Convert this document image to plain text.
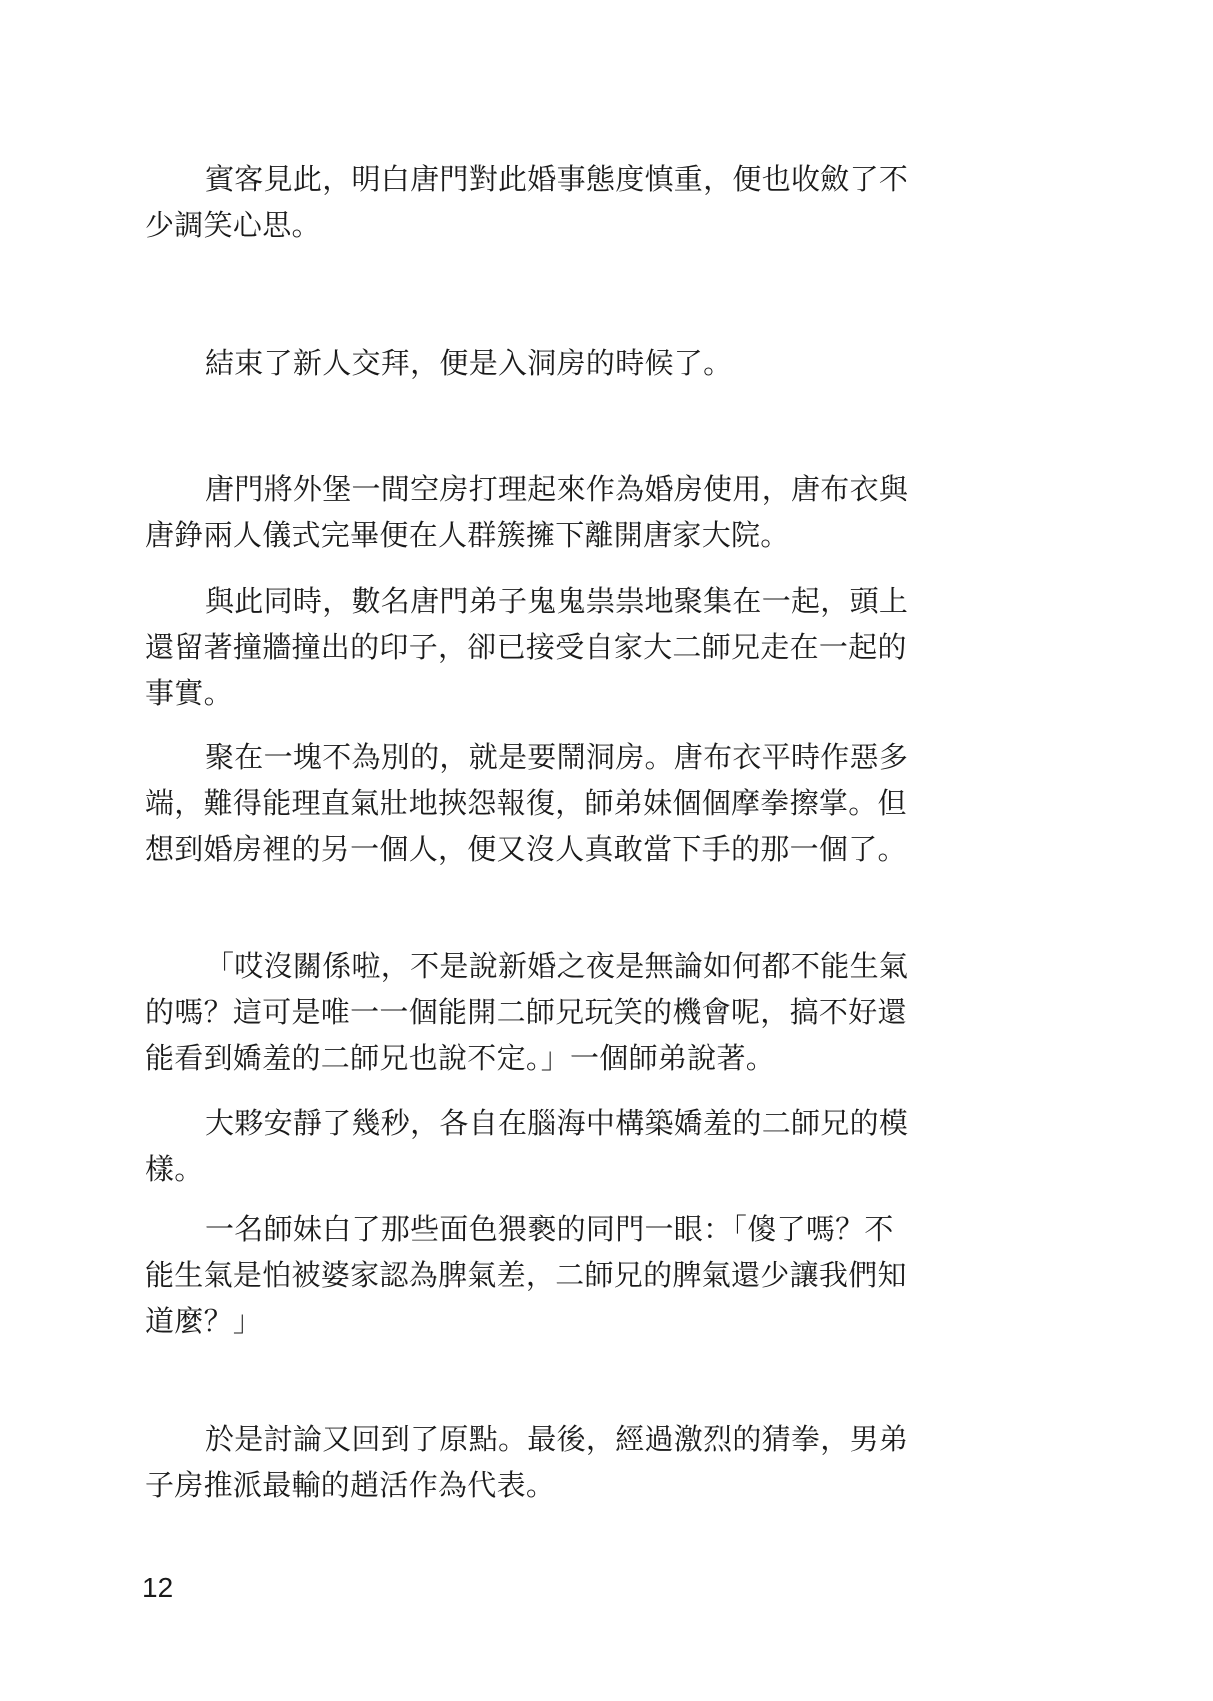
賓客見此，明白唐門對此婚事態度慎重，便也收斂了不
少調笑心思。

結束了新人交拜，便是入洞房的時候了。

唐門將外堡一間空房打理起來作為婚房使用，唐布衣與
唐錚兩人儀式完畢便在人群簇擁下離開唐家大院。

與此同時，數名唐門弟子鬼鬼祟祟地聚集在一起，頭上
還留著撞牆撞出的印子，卻已接受自家大二師兄走在一起的
事實。

聚在一塊不為別的，就是要鬧洞房。唐布衣平時作惡多
端，難得能理直氣壯地挾怨報復，師弟妹個個摩拳擦掌。但
想到婚房裡的另一個人，便又沒人真敢當下手的那一個了。

「哎沒關係啦，不是說新婚之夜是無論如何都不能生氣
的嗎？這可是唯一一個能開二師兄玩笑的機會呢，搞不好還
能看到嬌羞的二師兄也說不定。」一個師弟說著。

大夥安靜了幾秒，各自在腦海中構築嬌羞的二師兄的模
樣。

一名師妹白了那些面色猥褻的同門一眼：「傻了嗎？不
能生氣是怕被婆家認為脾氣差，二師兄的脾氣還少讓我們知
道麼？」

於是討論又回到了原點。最後，經過激烈的猜拳，男弟
子房推派最輸的趙活作為代表。

12
